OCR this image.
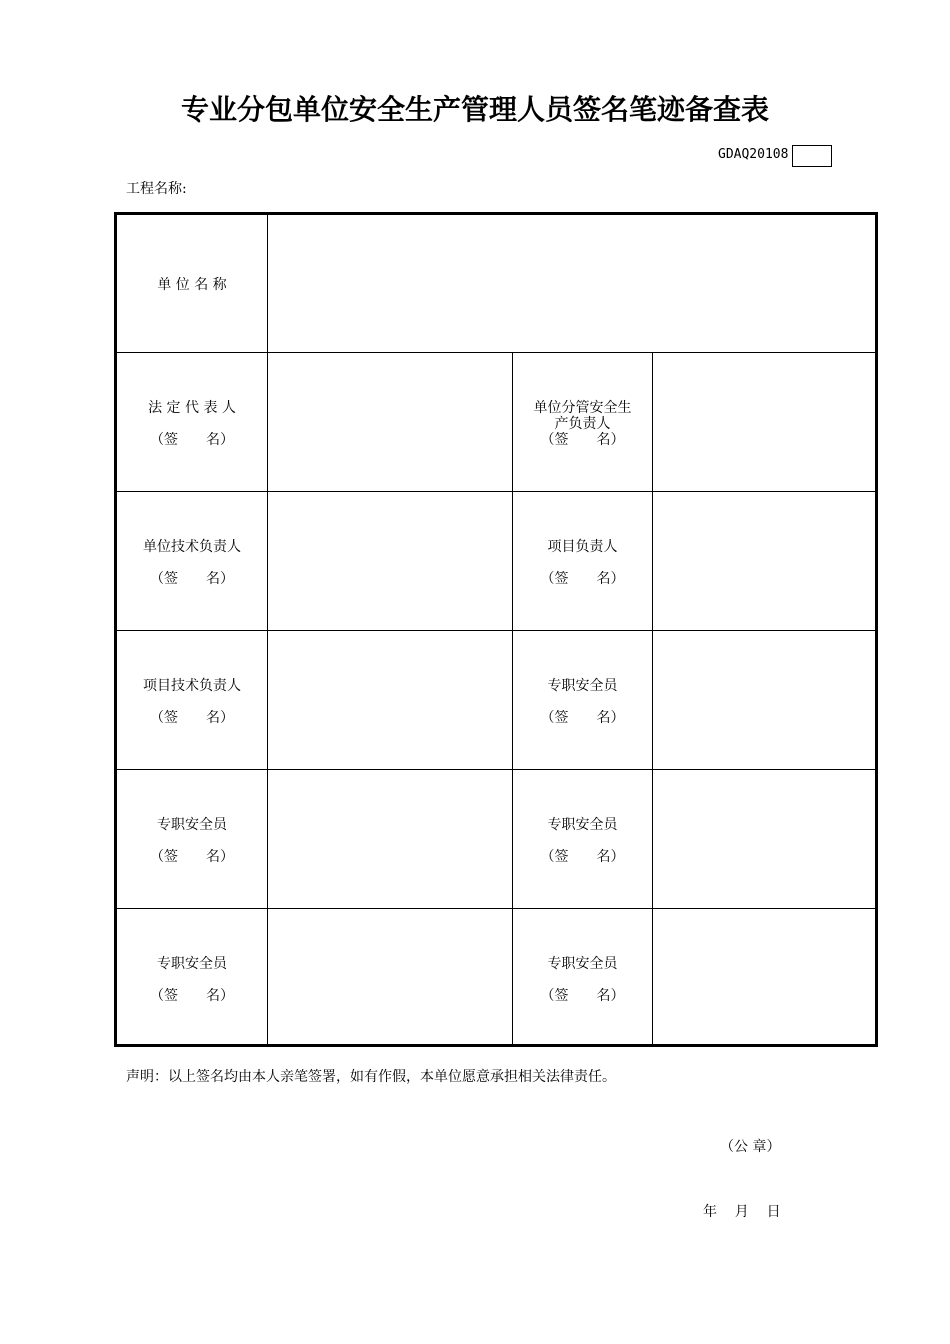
专业分包单位安全生产管理人员签名笔迹备查表
GDAQ20108
工程名称:
单 位 名 称
法 定 代 表 人
（签　　名）
单位分管安全生产负责人
（签　　名）
单位技术负责人
（签　　名）
项目负责人
（签　　名）
项目技术负责人
（签　　名）
专职安全员
（签　　名）
专职安全员
（签　　名）
专职安全员
（签　　名）
专职安全员
（签　　名）
专职安全员
（签　　名）
声明：以上签名均由本人亲笔签署，如有作假，本单位愿意承担相关法律责任。
（公 章）
年    月    日
